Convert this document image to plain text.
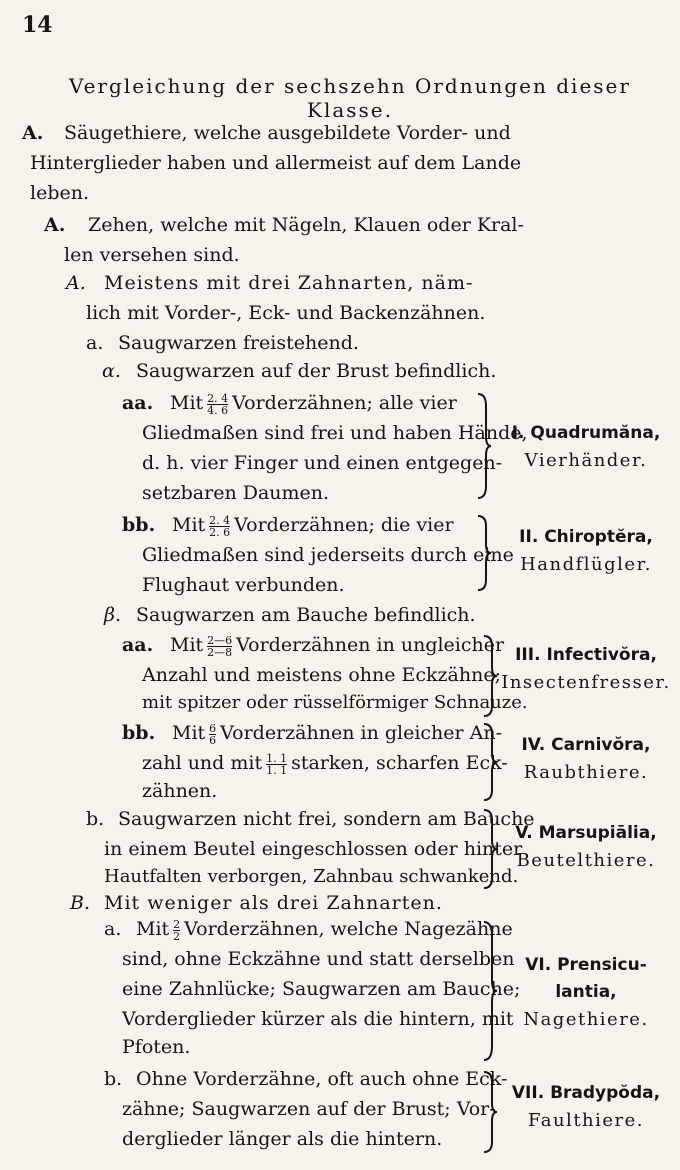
14
Vergleichung der sechszehn Ordnungen dieser Klasse.
A. Säugethiere, welche ausgebildete Vorder- und
Hinterglieder haben und allermeist auf dem Lande
leben.
A. Zehen, welche mit Nägeln, Klauen oder Kral-
len versehen sind.
A. Meistens mit drei Zahnarten, näm-
lich mit Vorder-, Eck- und Backenzähnen.
a. Saugwarzen freistehend.
α. Saugwarzen auf der Brust befindlich.
aa. Mit $\frac{2. 4}{4. 6}$ Vorderzähnen; alle vier
Gliedmaßen sind frei und haben Hände,
d. h. vier Finger und einen entgegen-
setzbaren Daumen.
bb. Mit $\frac{2. 4}{2. 6}$ Vorderzähnen; die vier
Gliedmaßen sind jederseits durch eine
Flughaut verbunden.
β. Saugwarzen am Bauche befindlich.
aa. Mit $\frac{2—6}{2—8}$ Vorderzähnen in ungleicher
Anzahl und meistens ohne Eckzähne;
mit spitzer oder rüsselförmiger Schnauze.
bb. Mit $\frac{6}{6}$ Vorderzähnen in gleicher An-
zahl und mit $\frac{1. 1}{1. 1}$ starken, scharfen Eck-
zähnen.
b. Saugwarzen nicht frei, sondern am Bauche
in einem Beutel eingeschlossen oder hinter
Hautfalten verborgen, Zahnbau schwankend.
B. Mit weniger als drei Zahnarten.
a. Mit $\frac{2}{2}$ Vorderzähnen, welche Nagezähne
sind, ohne Eckzähne und statt derselben
eine Zahnlücke; Saugwarzen am Bauche;
Vorderglieder kürzer als die hintern, mit
Pfoten.
b. Ohne Vorderzähne, oft auch ohne Eck-
zähne; Saugwarzen auf der Brust; Vor-
derglieder länger als die hintern.
I. Quadrumăna,
Vierhänder.
II. Chiroptĕra,
Handflügler.
III. Infectivŏra,
Insectenfresser.
IV. Carnivŏra,
Raubthiere.
V. Marsupiālia,
Beutelthiere.
VI. Prensicu-
lantia,
Nagethiere.
VII. Bradypŏda,
Faulthiere.
